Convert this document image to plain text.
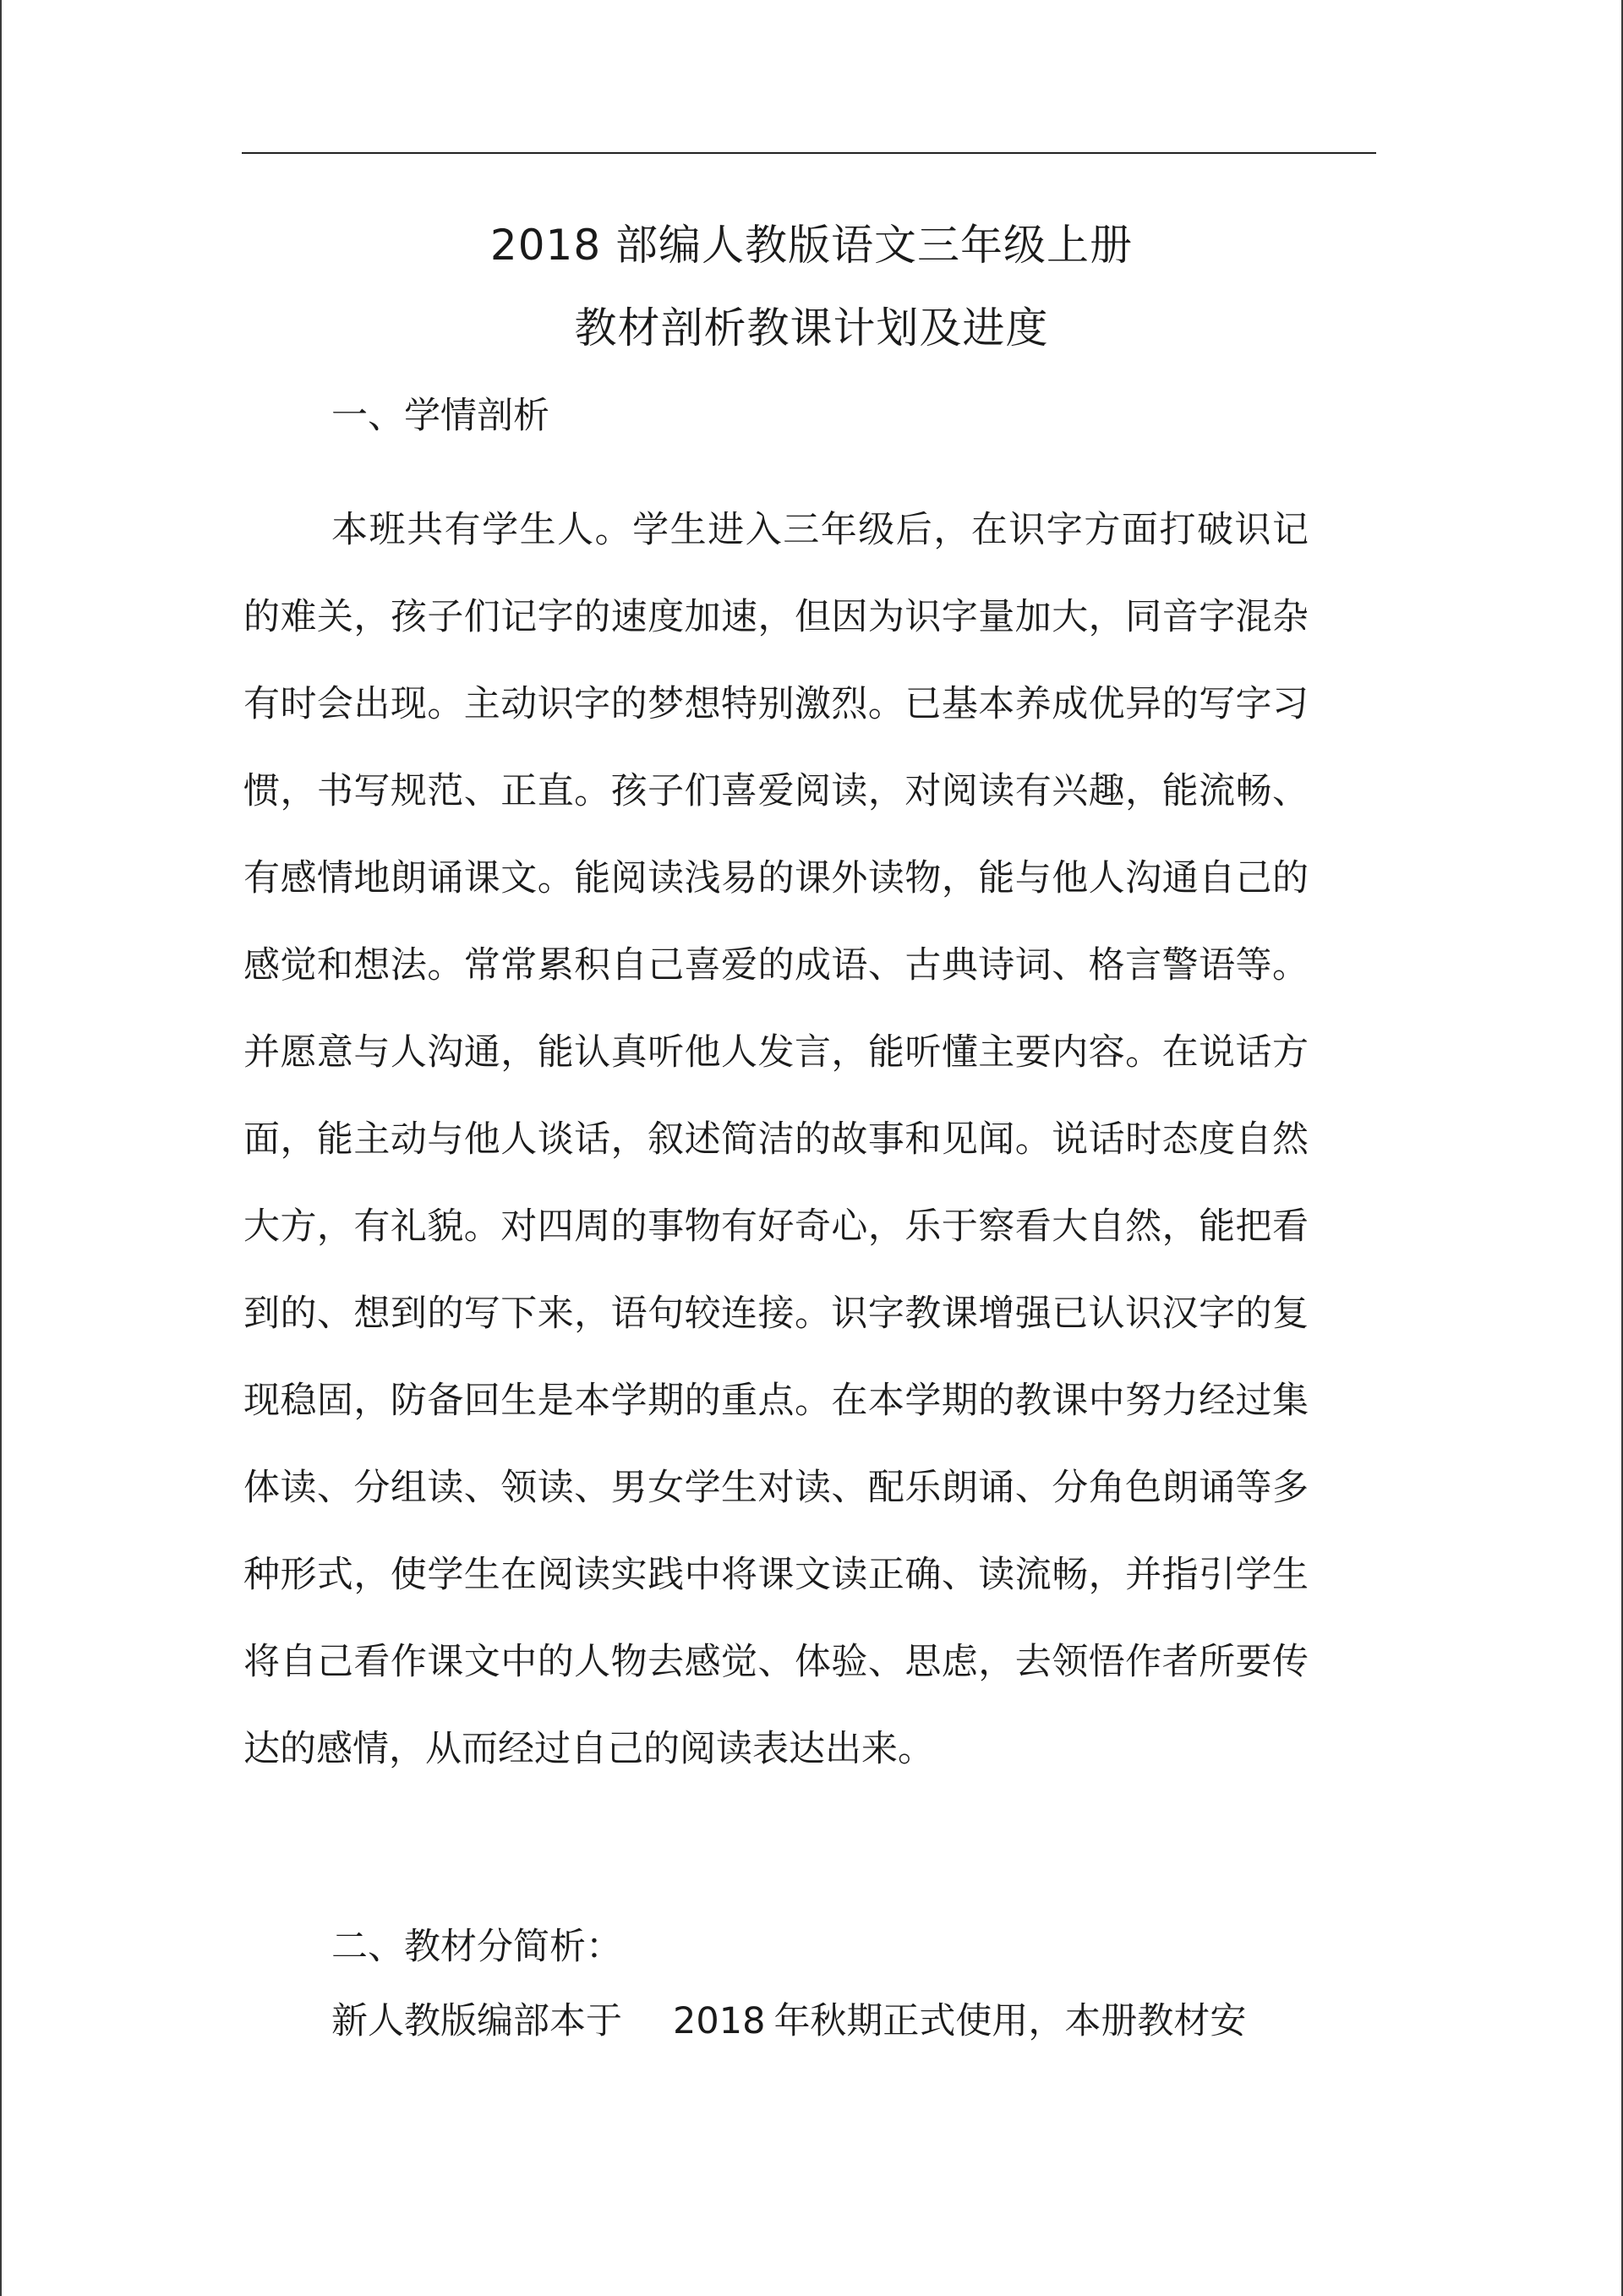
2018 部编人教版语文三年级上册
教材剖析教课计划及进度
一、学情剖析

本班共有学生人。学生进入三年级后，在识字方面打破识记的难关，孩子们记字的速度加速，但因为识字量加大，同音字混杂有时会出现。主动识字的梦想特别激烈。已基本养成优异的写字习惯，书写规范、正直。孩子们喜爱阅读，对阅读有兴趣，能流畅、有感情地朗诵课文。能阅读浅易的课外读物，能与他人沟通自己的感觉和想法。常常累积自己喜爱的成语、古典诗词、格言警语等。并愿意与人沟通，能认真听他人发言，能听懂主要内容。在说话方面，能主动与他人谈话，叙述简洁的故事和见闻。说话时态度自然大方，有礼貌。对四周的事物有好奇心，乐于察看大自然，能把看到的、想到的写下来，语句较连接。识字教课增强已认识汉字的复现稳固，防备回生是本学期的重点。在本学期的教课中努力经过集体读、分组读、领读、男女学生对读、配乐朗诵、分角色朗诵等多种形式，使学生在阅读实践中将课文读正确、读流畅，并指引学生将自己看作课文中的人物去感觉、体验、思虑，去领悟作者所要传达的感情，从而经过自己的阅读表达出来。

二、教材分简析：
新人教版编部本于 2018 年秋期正式使用，本册教材安
